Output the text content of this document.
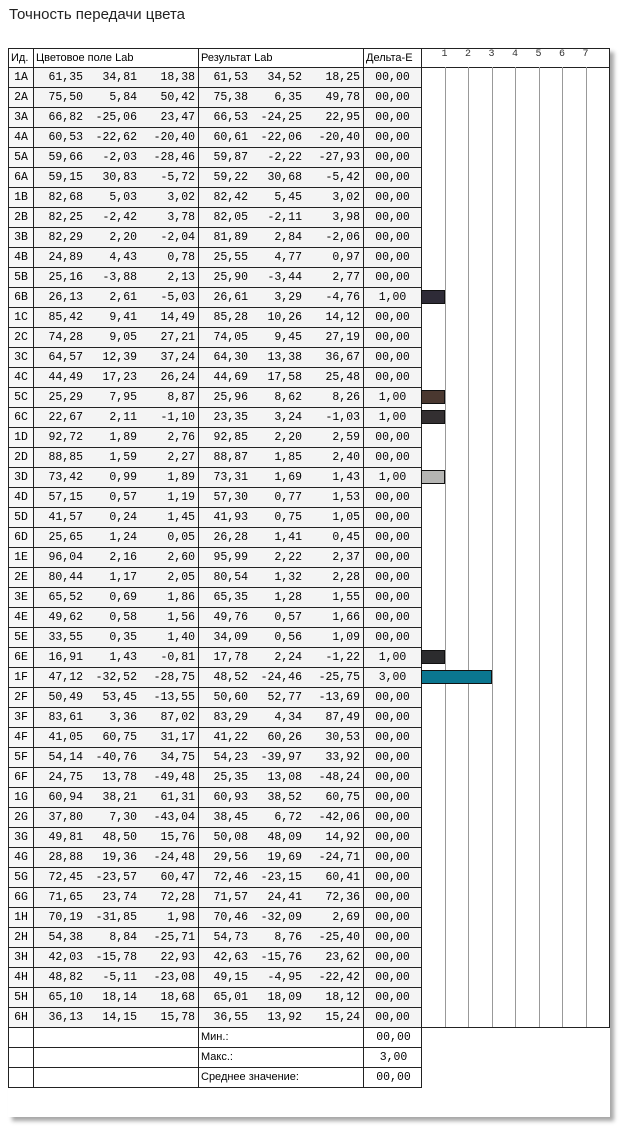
Точность передачи цвета
Ид.	Цветовое поле Lab	Результат Lab	Дельта-E	
1A	61,35 34,81 18,38	61,53 34,52 18,25	00,00	
2A	75,50 5,84 50,42	75,38 6,35 49,78	00,00	
3A	66,82 -25,06 23,47	66,53 -24,25 22,95	00,00	
4A	60,53 -22,62 -20,40	60,61 -22,06 -20,40	00,00	
5A	59,66 -2,03 -28,46	59,87 -2,22 -27,93	00,00	
6A	59,15 30,83 -5,72	59,22 30,68 -5,42	00,00	
1B	82,68 5,03 3,02	82,42 5,45 3,02	00,00	
2B	82,25 -2,42 3,78	82,05 -2,11 3,98	00,00	
3B	82,29 2,20 -2,04	81,89 2,84 -2,06	00,00	
4B	24,89 4,43 0,78	25,55 4,77 0,97	00,00	
5B	25,16 -3,88 2,13	25,90 -3,44 2,77	00,00	
6B	26,13 2,61 -5,03	26,61 3,29 -4,76	1,00	
1C	85,42 9,41 14,49	85,28 10,26 14,12	00,00	
2C	74,28 9,05 27,21	74,05 9,45 27,19	00,00	
3C	64,57 12,39 37,24	64,30 13,38 36,67	00,00	
4C	44,49 17,23 26,24	44,69 17,58 25,48	00,00	
5C	25,29 7,95 8,87	25,96 8,62 8,26	1,00	
6C	22,67 2,11 -1,10	23,35 3,24 -1,03	1,00	
1D	92,72 1,89 2,76	92,85 2,20 2,59	00,00	
2D	88,85 1,59 2,27	88,87 1,85 2,40	00,00	
3D	73,42 0,99 1,89	73,31 1,69 1,43	1,00	
4D	57,15 0,57 1,19	57,30 0,77 1,53	00,00	
5D	41,57 0,24 1,45	41,93 0,75 1,05	00,00	
6D	25,65 1,24 0,05	26,28 1,41 0,45	00,00	
1E	96,04 2,16 2,60	95,99 2,22 2,37	00,00	
2E	80,44 1,17 2,05	80,54 1,32 2,28	00,00	
3E	65,52 0,69 1,86	65,35 1,28 1,55	00,00	
4E	49,62 0,58 1,56	49,76 0,57 1,66	00,00	
5E	33,55 0,35 1,40	34,09 0,56 1,09	00,00	
6E	16,91 1,43 -0,81	17,78 2,24 -1,22	1,00	
1F	47,12 -32,52 -28,75	48,52 -24,46 -25,75	3,00	
2F	50,49 53,45 -13,55	50,60 52,77 -13,69	00,00	
3F	83,61 3,36 87,02	83,29 4,34 87,49	00,00	
4F	41,05 60,75 31,17	41,22 60,26 30,53	00,00	
5F	54,14 -40,76 34,75	54,23 -39,97 33,92	00,00	
6F	24,75 13,78 -49,48	25,35 13,08 -48,24	00,00	
1G	60,94 38,21 61,31	60,93 38,52 60,75	00,00	
2G	37,80 7,30 -43,04	38,45 6,72 -42,06	00,00	
3G	49,81 48,50 15,76	50,08 48,09 14,92	00,00	
4G	28,88 19,36 -24,48	29,56 19,69 -24,71	00,00	
5G	72,45 -23,57 60,47	72,46 -23,15 60,41	00,00	
6G	71,65 23,74 72,28	71,57 24,41 72,36	00,00	
1H	70,19 -31,85 1,98	70,46 -32,09 2,69	00,00	
2H	54,38 8,84 -25,71	54,73 8,76 -25,40	00,00	
3H	42,03 -15,78 22,93	42,63 -15,76 23,62	00,00	
4H	48,82 -5,11 -23,08	49,15 -4,95 -22,42	00,00	
5H	65,10 18,14 18,68	65,01 18,09 18,12	00,00	
6H	36,13 14,15 15,78	36,55 13,92 15,24	00,00	
		Мин.:	00,00	
		Макс.:	3,00	
		Среднее значение:	00,00	
1 2 3 4 5 6 7
